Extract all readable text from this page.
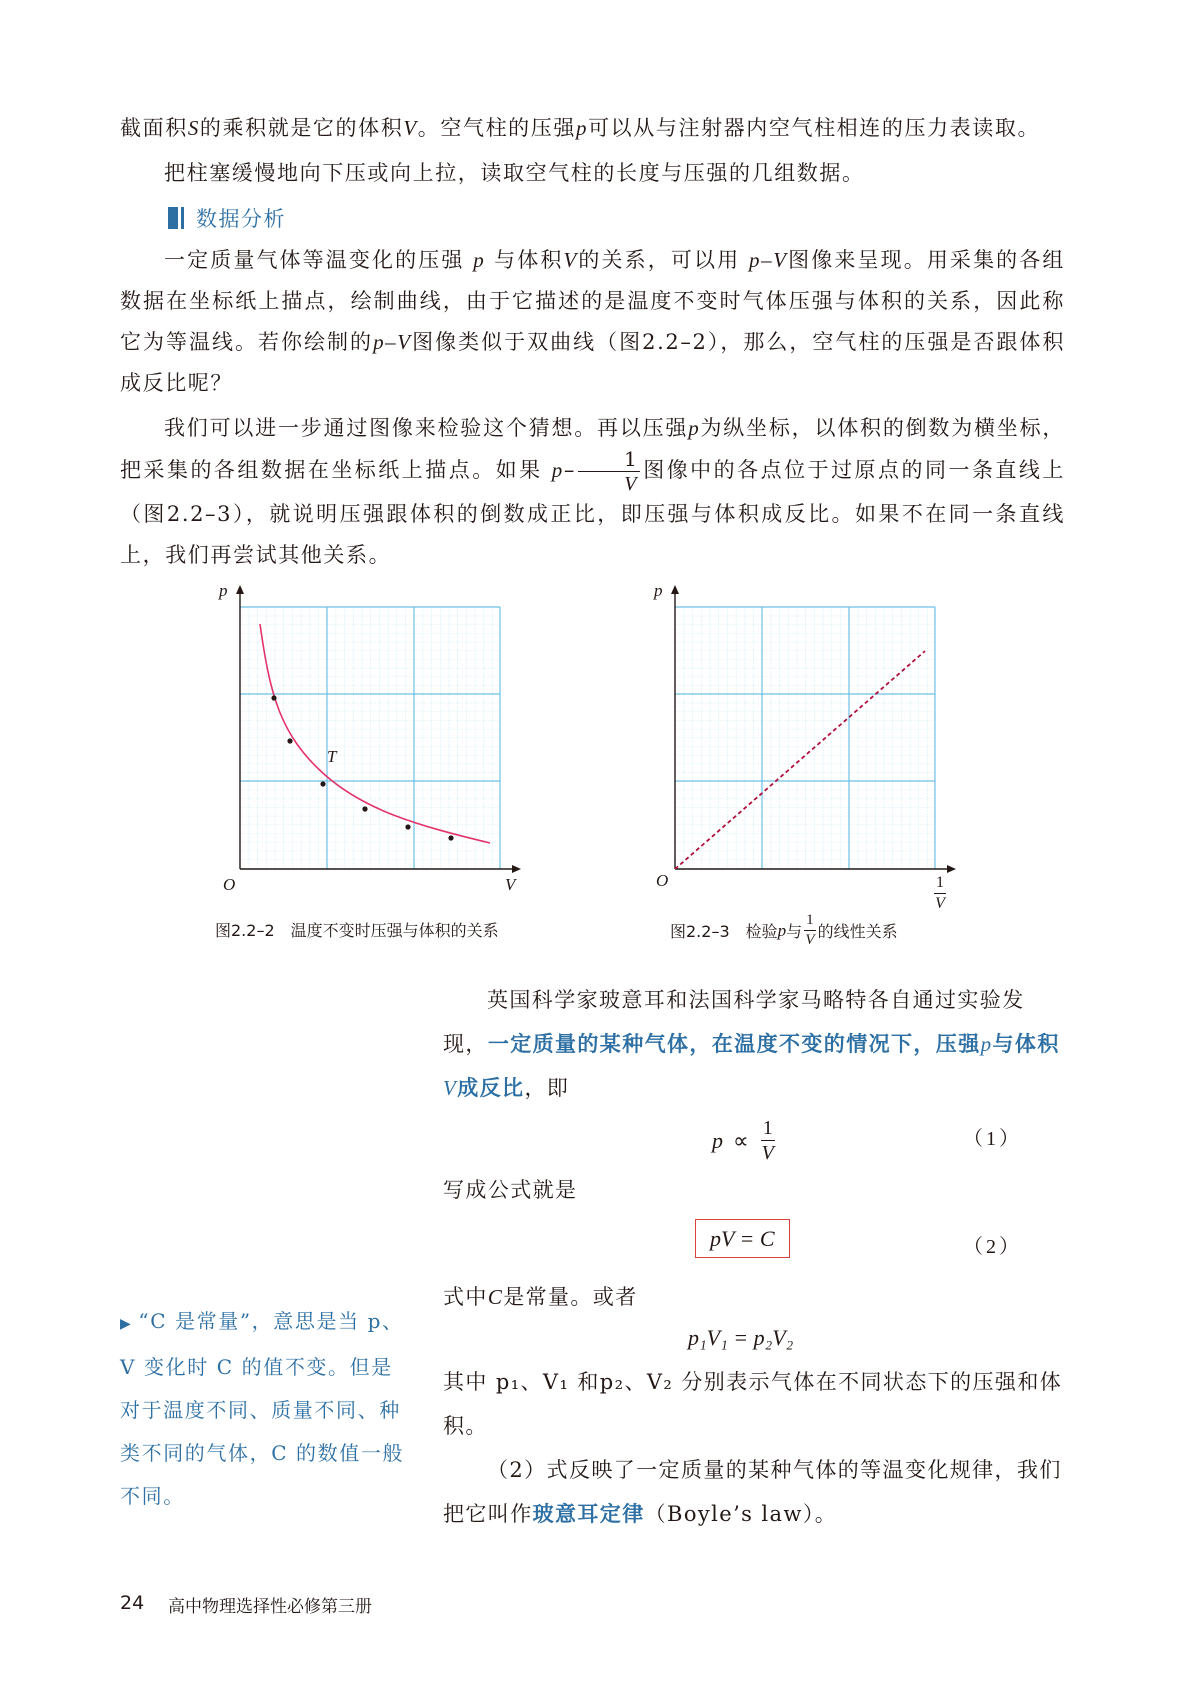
截面积S的乘积就是它的体积V。空气柱的压强p可以从与注射器内空气柱相连的压力表读取。

把柱塞缓慢地向下压或向上拉，读取空气柱的长度与压强的几组数据。

数据分析

一定质量气体等温变化的压强 p 与体积V的关系，可以用 p–V图像来呈现。用采集的各组数据在坐标纸上描点，绘制曲线，由于它描述的是温度不变时气体压强与体积的关系，因此称它为等温线。若你绘制的p–V图像类似于双曲线（图2.2–2），那么，空气柱的压强是否跟体积成反比呢？

我们可以进一步通过图像来检验这个猜想。再以压强p为纵坐标，以体积的倒数为横坐标，把采集的各组数据在坐标纸上描点。如果 $p- \frac{1}{V}$ 图像中的各点位于过原点的同一条直线上（图2.2–3），就说明压强跟体积的倒数成正比，即压强与体积成反比。如果不在同一条直线上，我们再尝试其他关系。

p
T
O	V
图2.2–2　温度不变时压强与体积的关系
p
O	$\frac{1}{V}$
图2.2–3　检验 p 与 $\frac{1}{V}$ 的线性关系

英国科学家玻意耳和法国科学家马略特各自通过实验发现，一定质量的某种气体，在温度不变的情况下，压强p与体积V成反比，即

$p \propto \frac{1}{V}$	（1）

写成公式就是

pV = C	（2）

式中C是常量。或者

p₁V₁ = p₂V₂

其中 p₁、V₁ 和p₂、V₂ 分别表示气体在不同状态下的压强和体积。

（2）式反映了一定质量的某种气体的等温变化规律，我们把它叫作玻意耳定律（Boyle’s law）。

▶ “C 是常量”，意思是当 p、V 变化时 C 的值不变。但是对于温度不同、质量不同、种类不同的气体，C 的数值一般不同。

24 高中物理选择性必修第三册
